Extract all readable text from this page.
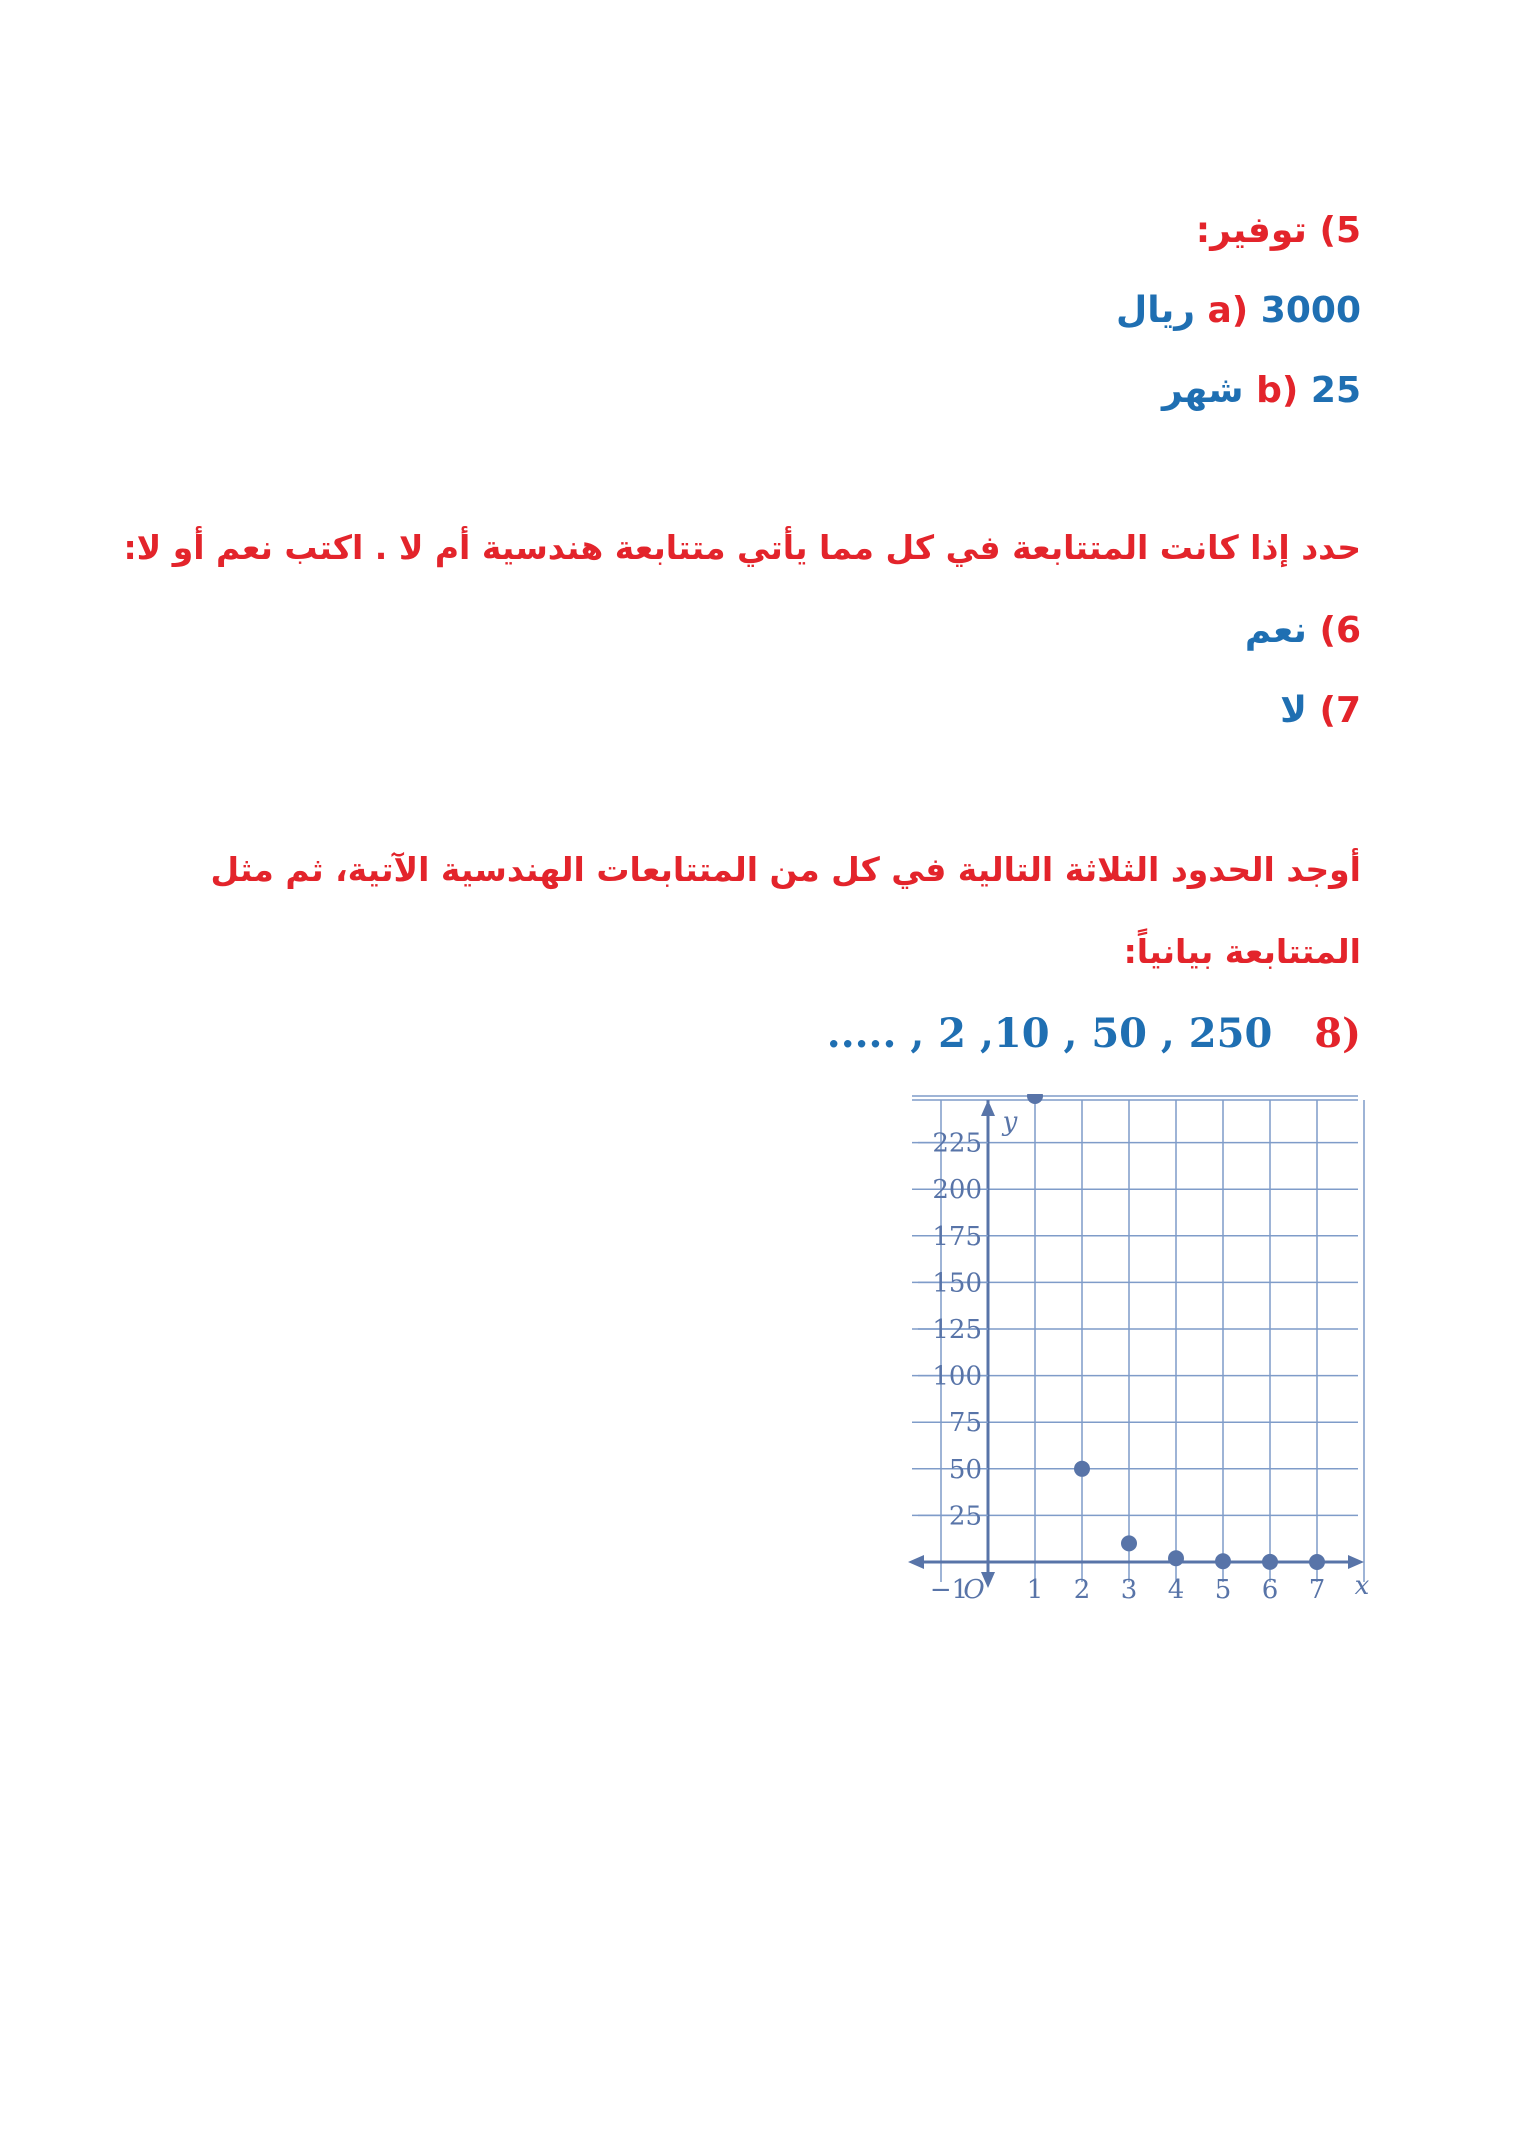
5) توفير:
a) 3000 ريال
b) 25 شهر
حدد إذا كانت المتتابعة في كل مما يأتي متتابعة هندسية أم لا . اكتب نعم أو لا:
6) نعم
7) لا
أوجد الحدود الثلاثة التالية في كل من المتتابعات الهندسية الآتية، ثم مثل
المتتابعة بيانياً:
(8 250 , 50 , 10, 2 , .....
25
50
75
100
125
150
175
200
225
−1 1 2 3 4 5 6 7
O	x
y
